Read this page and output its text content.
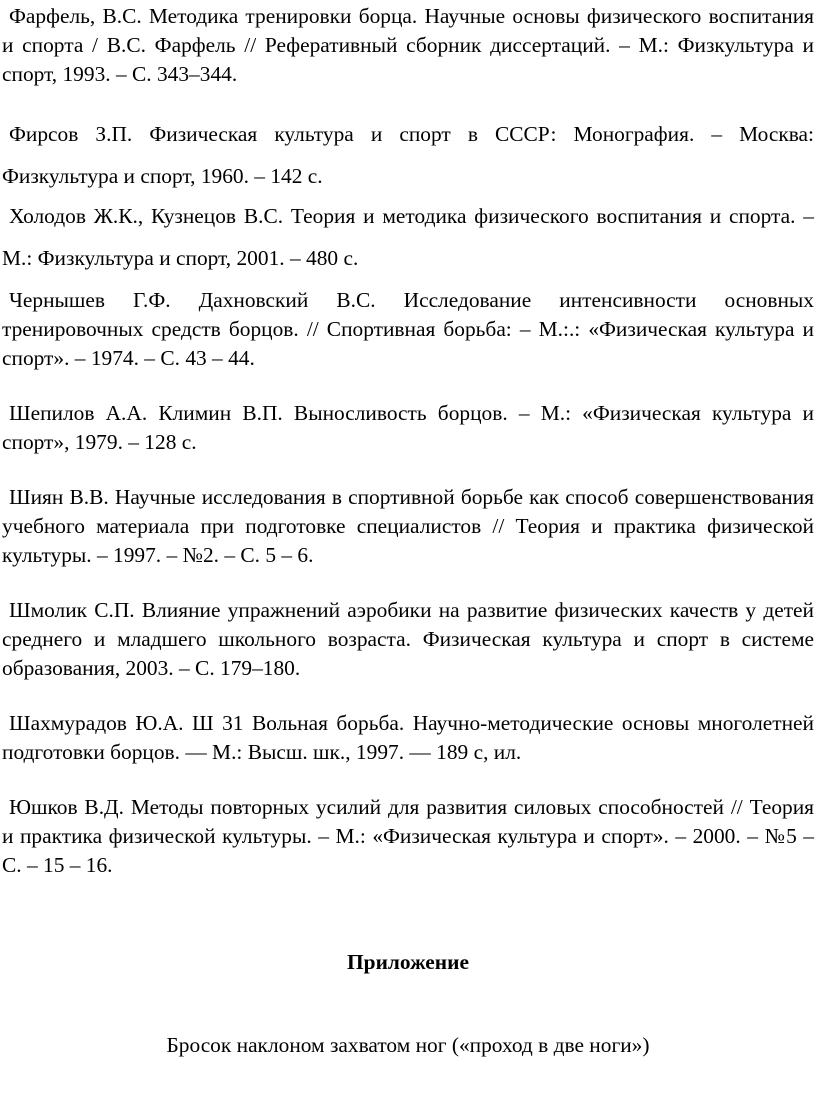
Фарфель, В.С. Методика тренировки борца. Научные основы физического воспитания и спорта / В.С. Фарфель // Реферативный сборник диссертаций. – М.: Физкультура и спорт, 1993. – С. 343–344.

Фирсов З.П. Физическая культура и спорт в СССР: Монография. – Москва: Физкультура и спорт, 1960. – 142 с.

Холодов Ж.К., Кузнецов В.С. Теория и методика физического воспитания и спорта. – М.: Физкультура и спорт, 2001. – 480 с.

Чернышев Г.Ф. Дахновский В.С. Исследование интенсивности основных тренировочных средств борцов. // Спортивная борьба: – М.:.: «Физическая культура и спорт». – 1974. – С. 43 – 44.

Шепилов А.А. Климин В.П. Выносливость борцов. – М.: «Физическая культура и спорт», 1979. – 128 с.

Шиян В.В. Научные исследования в спортивной борьбе как способ совершенствования учебного материала при подготовке специалистов // Теория и практика физической культуры. – 1997. – №2. – С. 5 – 6.

Шмолик С.П. Влияние упражнений аэробики на развитие физических качеств у детей среднего и младшего школьного возраста. Физическая культура и спорт в системе образования, 2003. – С. 179–180.

Шахмурадов Ю.А. Ш 31 Вольная борьба. Научно-методические основы многолетней подготовки борцов. — М.: Высш. шк., 1997. — 189 с, ил.

Юшков В.Д. Методы повторных усилий для развития силовых способностей // Теория и практика физической культуры. – М.: «Физическая культура и спорт». – 2000. – №5 – С. – 15 – 16.

Приложение

Бросок наклоном захватом ног («проход в две ноги»)
